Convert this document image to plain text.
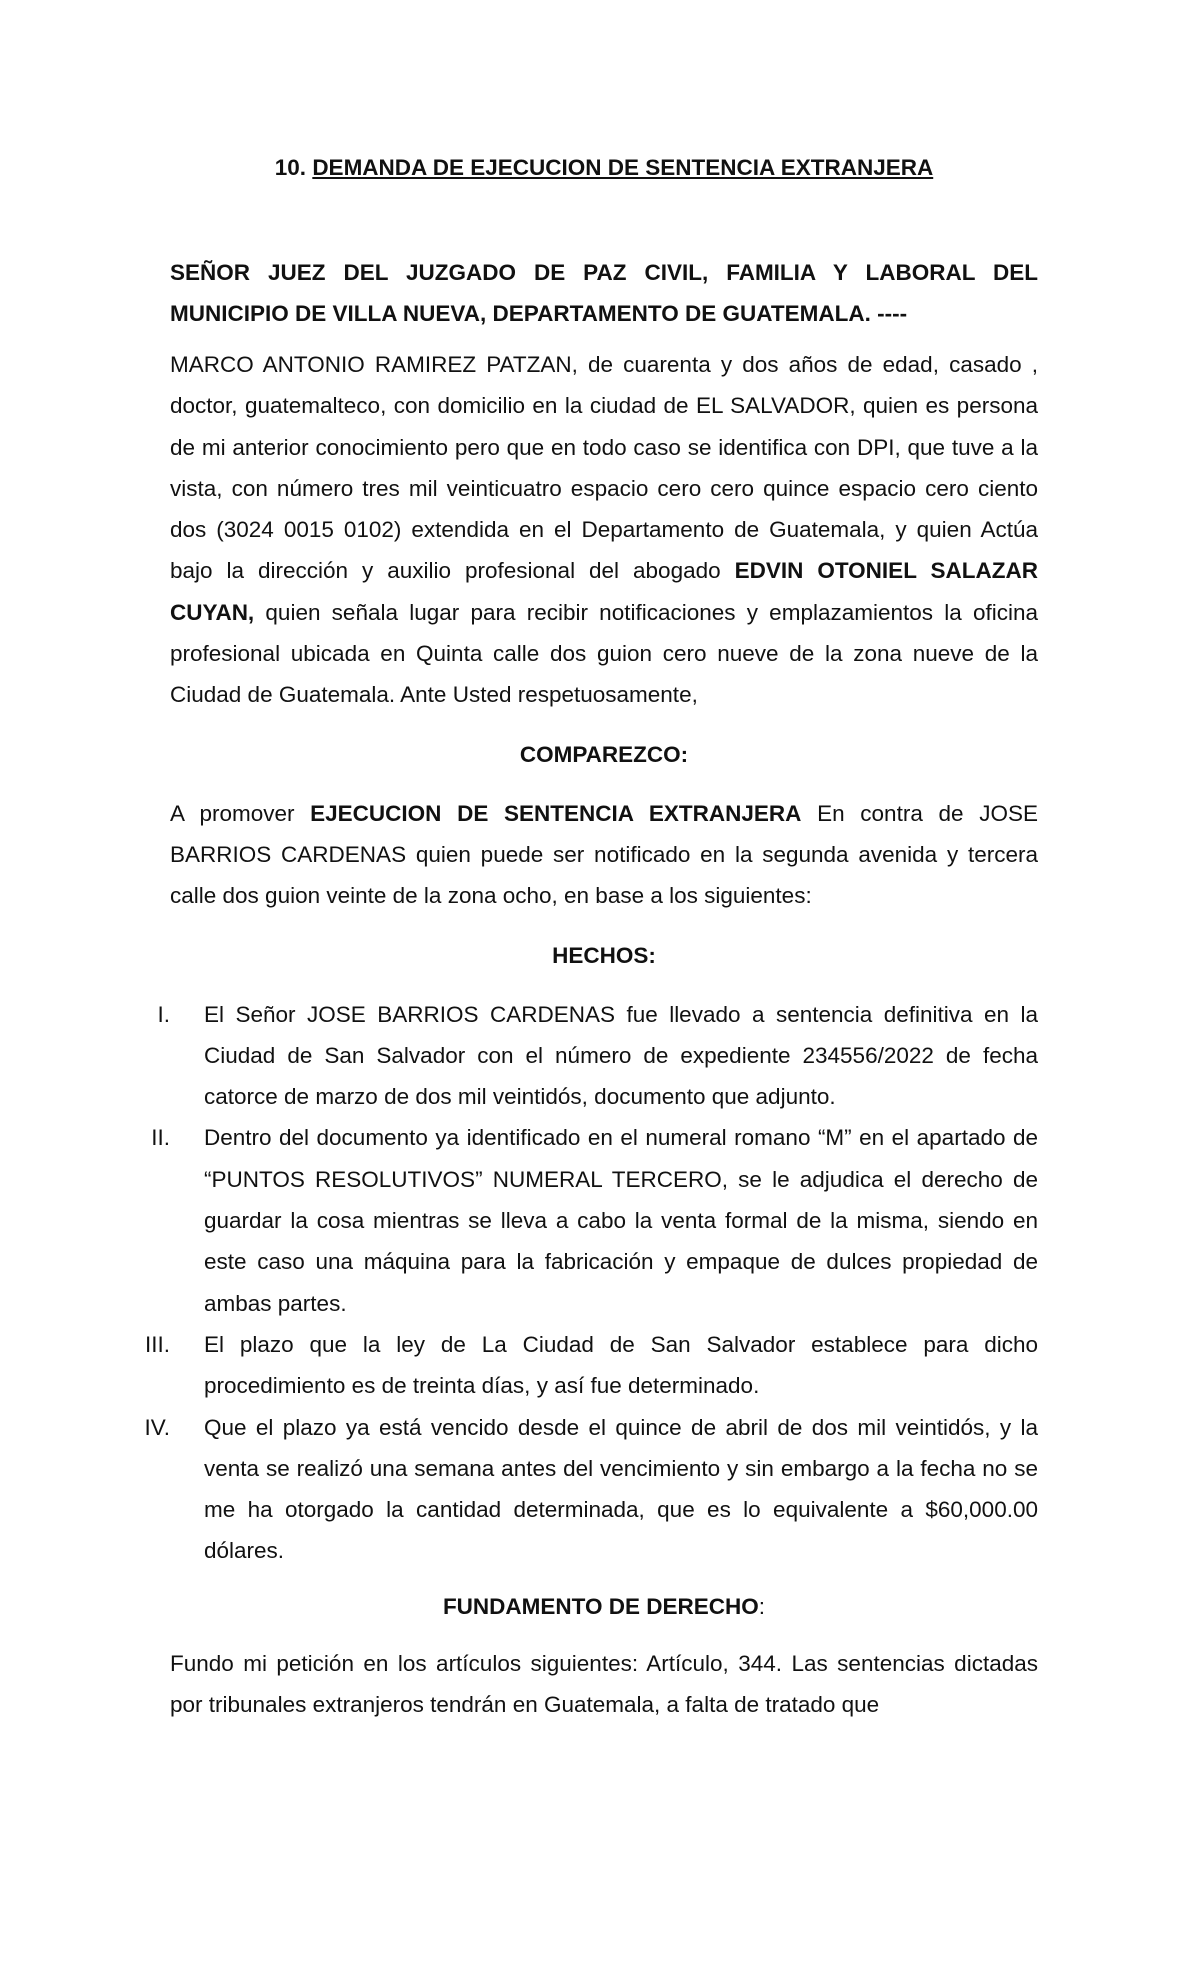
10. DEMANDA DE EJECUCION DE SENTENCIA EXTRANJERA

SEÑOR JUEZ DEL JUZGADO DE PAZ CIVIL, FAMILIA Y LABORAL DEL
MUNICIPIO DE VILLA NUEVA, DEPARTAMENTO DE GUATEMALA. ----

MARCO ANTONIO RAMIREZ PATZAN, de cuarenta y dos años de edad, casado , doctor, guatemalteco, con domicilio en la ciudad de EL SALVADOR, quien es persona de mi anterior conocimiento pero que en todo caso se identifica con DPI, que tuve a la vista, con número tres mil veinticuatro espacio cero cero quince espacio cero ciento dos (3024 0015 0102) extendida en el Departamento de Guatemala, y quien Actúa bajo la dirección y auxilio profesional del abogado EDVIN OTONIEL SALAZAR CUYAN, quien señala lugar para recibir notificaciones y emplazamientos la oficina profesional ubicada en Quinta calle dos guion cero nueve de la zona nueve de la Ciudad de Guatemala. Ante Usted respetuosamente,

COMPAREZCO:

A promover EJECUCION DE SENTENCIA EXTRANJERA En contra de JOSE BARRIOS CARDENAS quien puede ser notificado en la segunda avenida y tercera calle dos guion veinte de la zona ocho, en base a los siguientes:

HECHOS:
I. El Señor JOSE BARRIOS CARDENAS fue llevado a sentencia definitiva en la Ciudad de San Salvador con el número de expediente 234556/2022 de fecha catorce de marzo de dos mil veintidós, documento que adjunto.
II. Dentro del documento ya identificado en el numeral romano “M” en el apartado de “PUNTOS RESOLUTIVOS” NUMERAL TERCERO, se le adjudica el derecho de guardar la cosa mientras se lleva a cabo la venta formal de la misma, siendo en este caso una máquina para la fabricación y empaque de dulces propiedad de ambas partes.
III. El plazo que la ley de La Ciudad de San Salvador establece para dicho procedimiento es de treinta días, y así fue determinado.
IV. Que el plazo ya está vencido desde el quince de abril de dos mil veintidós, y la venta se realizó una semana antes del vencimiento y sin embargo a la fecha no se me ha otorgado la cantidad determinada, que es lo equivalente a $60,000.00 dólares.
FUNDAMENTO DE DERECHO:

Fundo mi petición en los artículos siguientes: Artículo, 344. Las sentencias dictadas por tribunales extranjeros tendrán en Guatemala, a falta de tratado que
